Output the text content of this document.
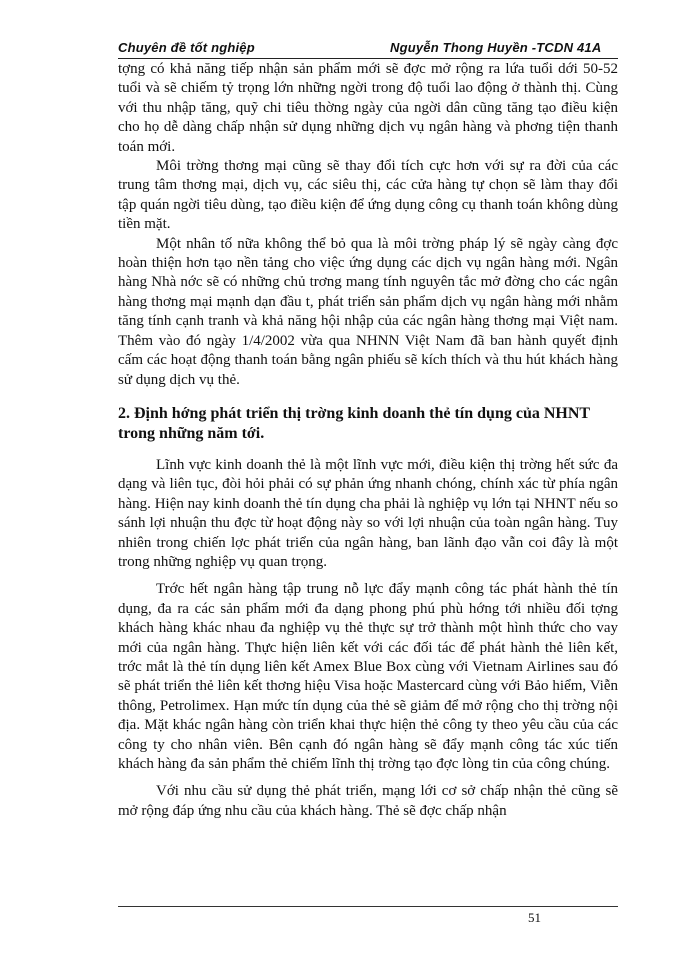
Chuyên đề tốt nghiệp	Nguyễn Thong Huyền -TCDN 41A

tợng có khả năng tiếp nhận sản phẩm mới sẽ đợc mở rộng ra lứa tuổi dới 50-52 tuổi và sẽ chiếm tỷ trọng lớn những ngời trong độ tuổi lao động ở thành thị. Cùng với thu nhập tăng, quỹ chi tiêu thờng ngày của ngời dân cũng tăng tạo điều kiện cho họ dễ dàng chấp nhận sử dụng những dịch vụ ngân hàng và phơng tiện thanh toán mới.

Môi trờng thơng mại cũng sẽ thay đổi tích cực hơn với sự ra đời của các trung tâm thơng mại, dịch vụ, các siêu thị, các cửa hàng tự chọn sẽ làm thay đổi tập quán ngời tiêu dùng, tạo điều kiện để ứng dụng công cụ thanh toán không dùng tiền mặt.

Một nhân tố nữa không thể bỏ qua là môi trờng pháp lý sẽ ngày càng đợc hoàn thiện hơn tạo nền tảng cho việc ứng dụng các dịch vụ ngân hàng mới. Ngân hàng Nhà nớc sẽ có những chủ trơng mang tính nguyên tắc mở đờng cho các ngân hàng thơng mại mạnh dạn đầu t, phát triển sản phẩm dịch vụ ngân hàng mới nhằm tăng tính cạnh tranh và khả năng hội nhập của các ngân hàng thơng mại Việt nam. Thêm vào đó ngày 1/4/2002 vừa qua NHNN Việt Nam đã ban hành quyết định cấm các hoạt động thanh toán bằng ngân phiếu sẽ kích thích và thu hút khách hàng sử dụng dịch vụ thẻ.

2. Định hớng phát triển thị trờng kinh doanh thẻ tín dụng của NHNT trong những năm tới.

Lĩnh vực kinh doanh thẻ là một lĩnh vực mới, điều kiện thị trờng hết sức đa dạng và liên tục, đòi hỏi phải có sự phản ứng nhanh chóng, chính xác từ phía ngân hàng. Hiện nay kinh doanh thẻ tín dụng cha phải là nghiệp vụ lớn tại NHNT nếu so sánh lợi nhuận thu đợc từ hoạt động này so với lợi nhuận của toàn ngân hàng. Tuy nhiên trong chiến lợc phát triển của ngân hàng, ban lãnh đạo vẫn coi đây là một trong những nghiệp vụ quan trọng.

Trớc hết ngân hàng tập trung nỗ lực đẩy mạnh công tác phát hành thẻ tín dụng, đa ra các sản phẩm mới đa dạng phong phú phù hớng tới nhiều đối tợng khách hàng khác nhau đa nghiệp vụ thẻ thực sự trở thành một hình thức cho vay mới của ngân hàng. Thực hiện liên kết với các đối tác để phát hành thẻ liên kết, trớc mắt là thẻ tín dụng liên kết Amex Blue Box cùng với Vietnam Airlines sau đó sẽ phát triển thẻ liên kết thơng hiệu Visa hoặc Mastercard cùng với Bảo hiểm, Viễn thông, Petrolimex. Hạn mức tín dụng của thẻ sẽ giảm để mở rộng cho thị trờng nội địa. Mặt khác ngân hàng còn triển khai thực hiện thẻ công ty theo yêu cầu của các công ty cho nhân viên. Bên cạnh đó ngân hàng sẽ đẩy mạnh công tác xúc tiến khách hàng đa sản phẩm thẻ chiếm lĩnh thị trờng tạo đợc lòng tin của công chúng.

Với nhu cầu sử dụng thẻ phát triển, mạng lới cơ sở chấp nhận thẻ cũng sẽ mở rộng đáp ứng nhu cầu của khách hàng. Thẻ sẽ đợc chấp nhận

51
